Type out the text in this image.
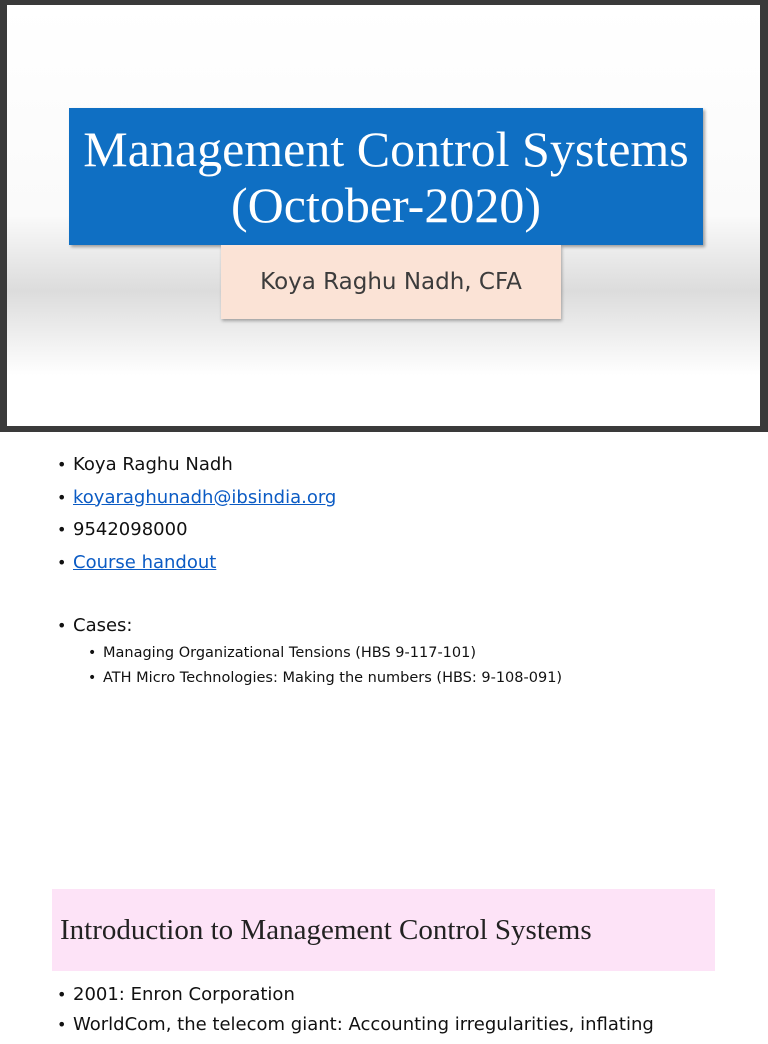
Management Control Systems (October-2020)
Koya Raghu Nadh, CFA
• Koya Raghu Nadh
• koyaraghunadh@ibsindia.org
• 9542098000
• Course handout
• Cases:
• Managing Organizational Tensions (HBS 9-117-101)
• ATH Micro Technologies: Making the numbers (HBS: 9-108-091)
Introduction to Management Control Systems
• 2001: Enron Corporation
• WorldCom, the telecom giant: Accounting irregularities, inflating
